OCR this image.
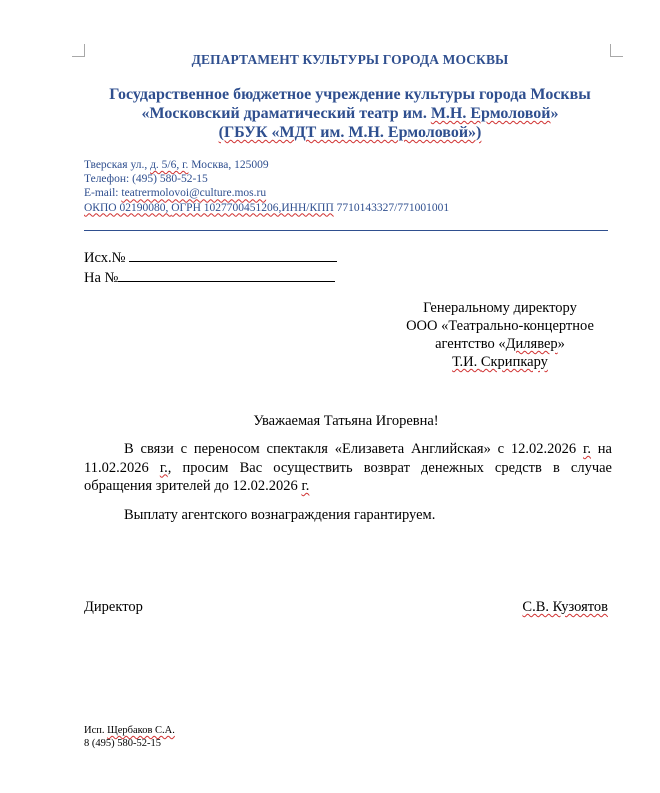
ДЕПАРТАМЕНТ КУЛЬТУРЫ ГОРОДА МОСКВЫ
Государственное бюджетное учреждение культуры города Москвы
«Московский драматический театр им. М.Н. Ермоловой»
(ГБУК «МДТ им. М.Н. Ермоловой»)
Тверская ул., д. 5/6, г. Москва, 125009
Телефон: (495) 580-52-15
E-mail: teatrermolovoi@culture.mos.ru
ОКПО 02190080, ОГРН 1027700451206,ИНН/КПП 7710143327/771001001
Исх.№
На №
Генеральному директору
ООО «Театрально-концертное
агентство «Дилявер»
Т.И. Скрипкару
Уважаемая Татьяна Игоревна!
В связи с переносом спектакля «Елизавета Английская» с 12.02.2026 г. на 11.02.2026 г., просим Вас осуществить возврат денежных средств в случае обращения зрителей до 12.02.2026 г.
Выплату агентского вознаграждения гарантируем.
Директор	С.В. Кузоятов
Исп. Щербаков С.А.
8 (495) 580-52-15
